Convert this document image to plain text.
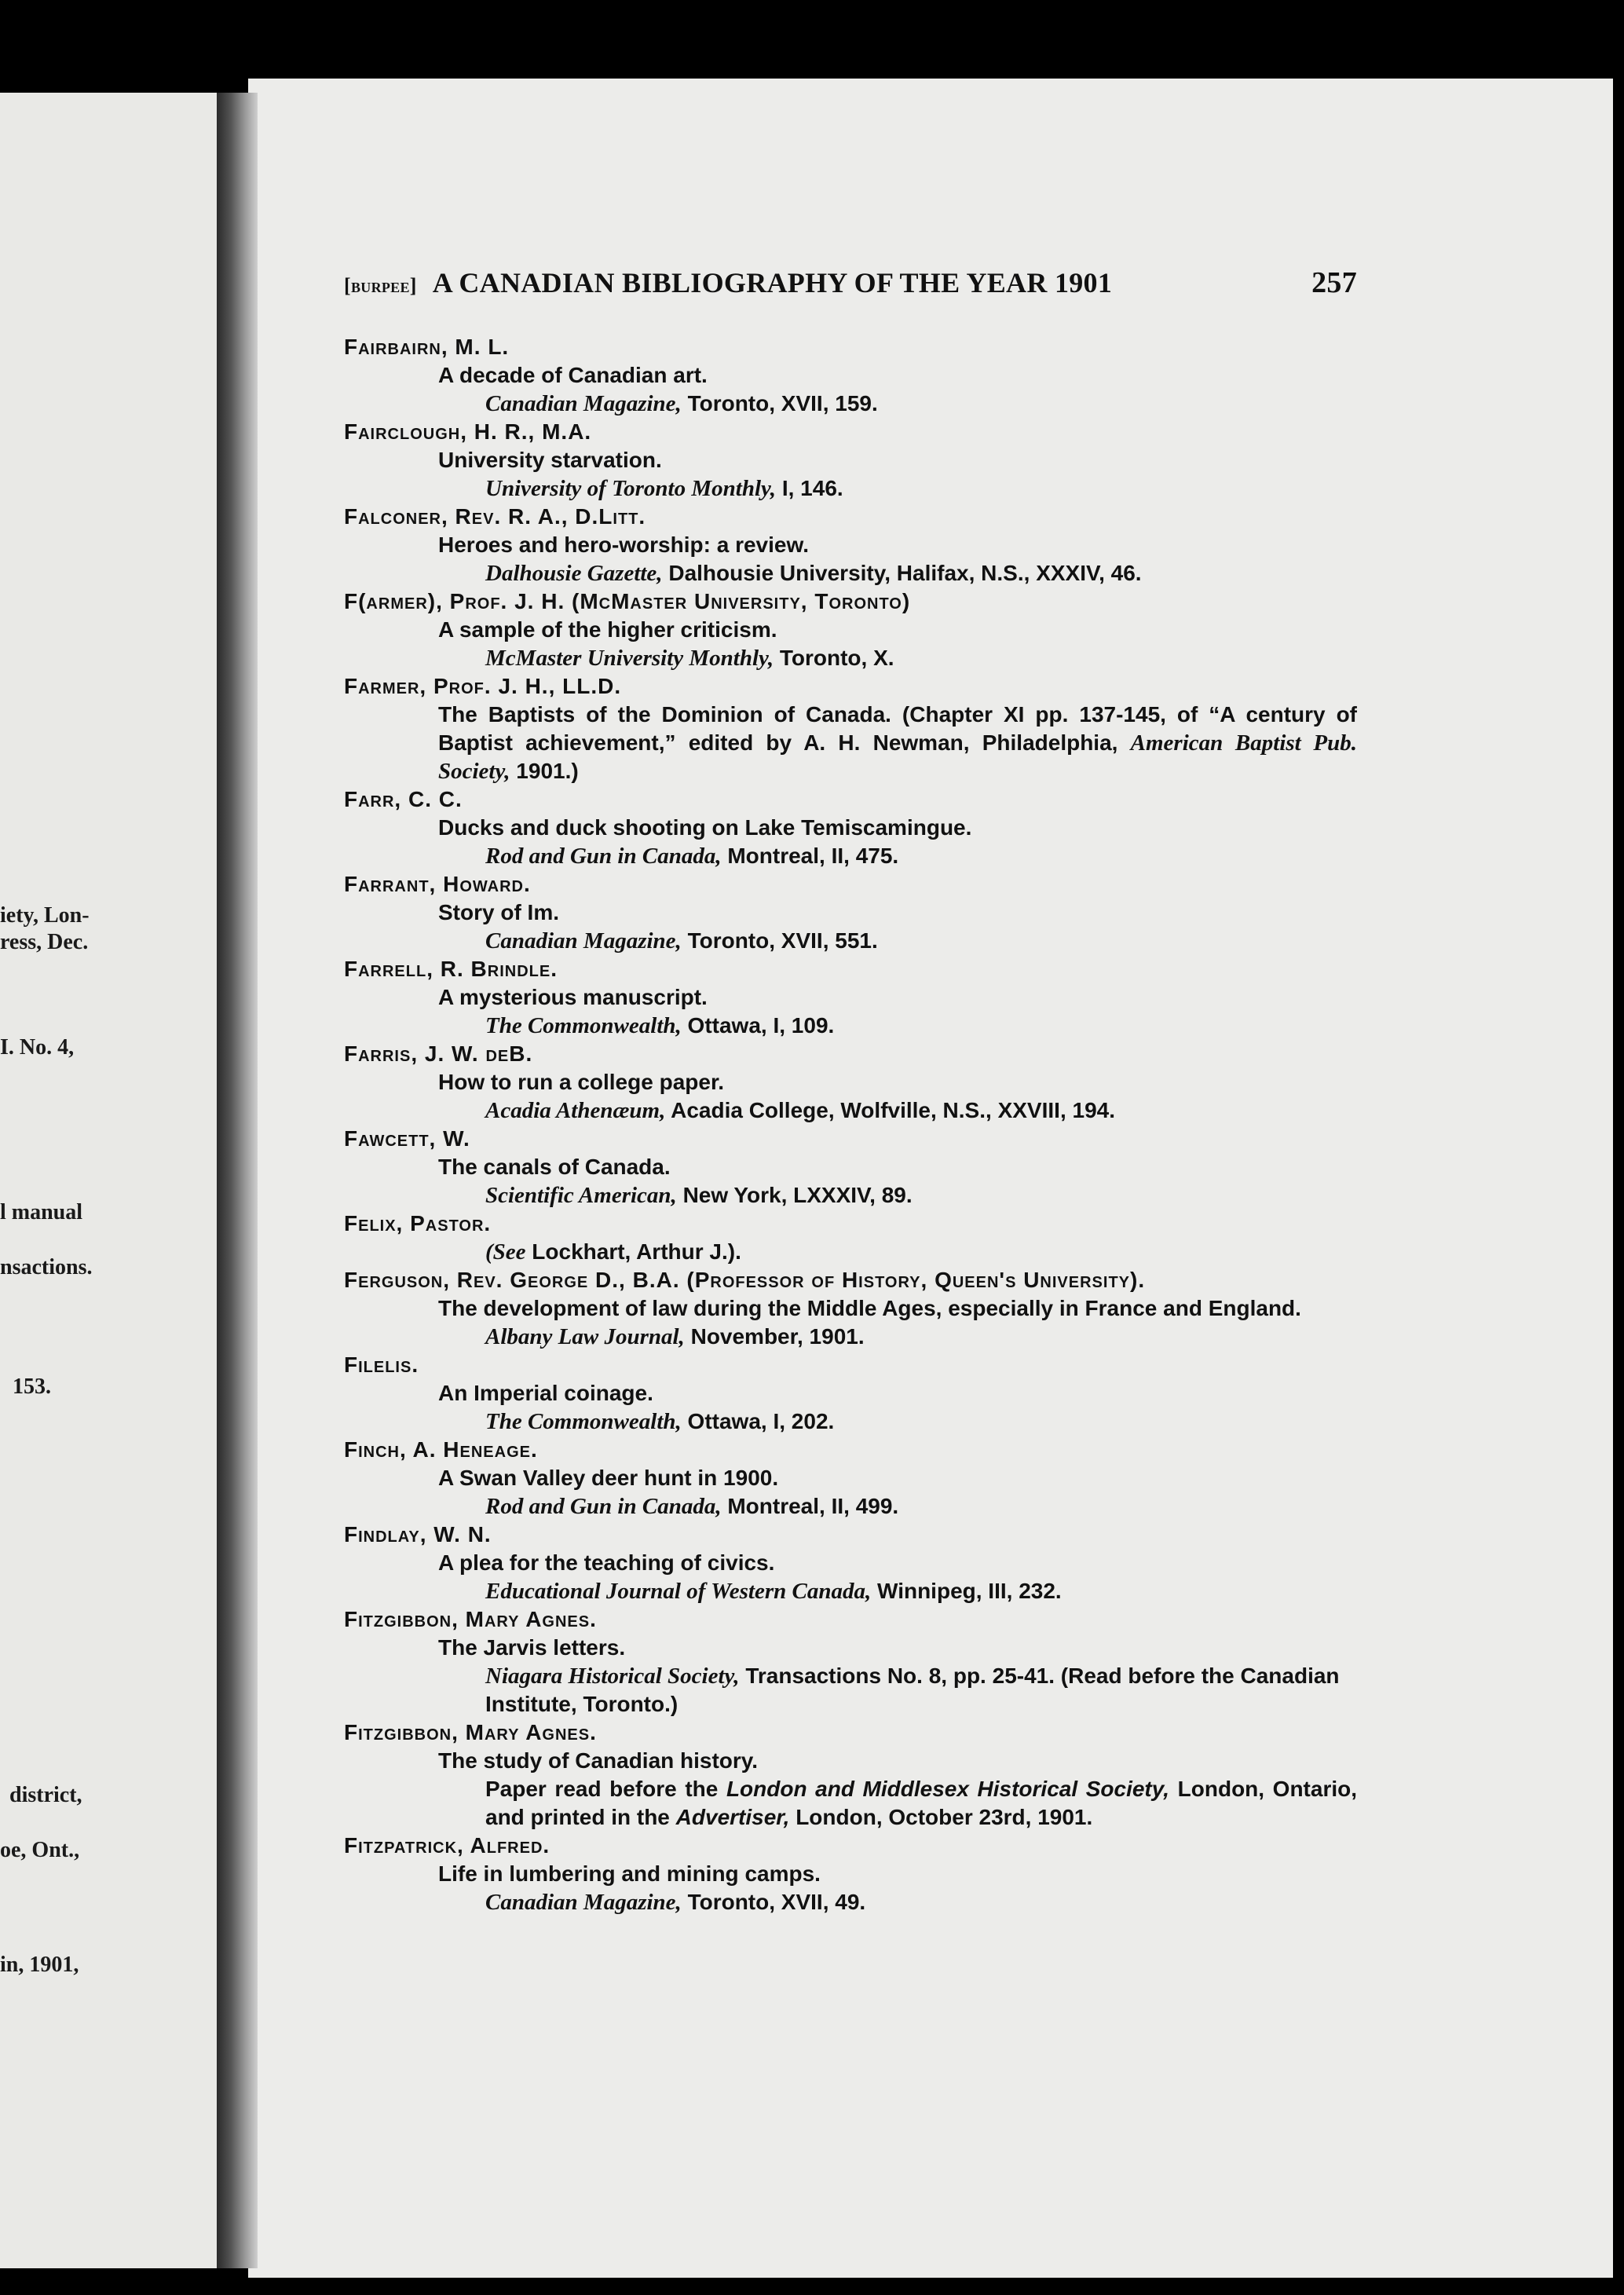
iety, Lon-
ress, Dec.
I. No. 4,
l manual
nsactions.
153.
district,
oe, Ont.,
in, 1901,
[burpee] A CANADIAN BIBLIOGRAPHY OF THE YEAR 1901	257
Fairbairn, M. L.
A decade of Canadian art.
Canadian Magazine, Toronto, XVII, 159.
Fairclough, H. R., M.A.
University starvation.
University of Toronto Monthly, I, 146.
Falconer, Rev. R. A., D.Litt.
Heroes and hero-worship: a review.
Dalhousie Gazette, Dalhousie University, Halifax, N.S., XXXIV, 46.
F(armer), Prof. J. H. (McMaster University, Toronto)
A sample of the higher criticism.
McMaster University Monthly, Toronto, X.
Farmer, Prof. J. H., LL.D.
The Baptists of the Dominion of Canada. (Chapter XI pp. 137-145, of “A century of Baptist achievement,” edited by A. H. Newman, Philadelphia, American Baptist Pub. Society, 1901.)
Farr, C. C.
Ducks and duck shooting on Lake Temiscamingue.
Rod and Gun in Canada, Montreal, II, 475.
Farrant, Howard.
Story of Im.
Canadian Magazine, Toronto, XVII, 551.
Farrell, R. Brindle.
A mysterious manuscript.
The Commonwealth, Ottawa, I, 109.
Farris, J. W. deB.
How to run a college paper.
Acadia Athenæum, Acadia College, Wolfville, N.S., XXVIII, 194.
Fawcett, W.
The canals of Canada.
Scientific American, New York, LXXXIV, 89.
Felix, Pastor.
(See Lockhart, Arthur J.).
Ferguson, Rev. George D., B.A. (Professor of History, Queen's University).
The development of law during the Middle Ages, especially in France and England.
Albany Law Journal, November, 1901.
Filelis.
An Imperial coinage.
The Commonwealth, Ottawa, I, 202.
Finch, A. Heneage.
A Swan Valley deer hunt in 1900.
Rod and Gun in Canada, Montreal, II, 499.
Findlay, W. N.
A plea for the teaching of civics.
Educational Journal of Western Canada, Winnipeg, III, 232.
Fitzgibbon, Mary Agnes.
The Jarvis letters.
Niagara Historical Society, Transactions No. 8, pp. 25-41. (Read before the Canadian Institute, Toronto.)
Fitzgibbon, Mary Agnes.
The study of Canadian history.
Paper read before the London and Middlesex Historical Society, London, Ontario, and printed in the Advertiser, London, October 23rd, 1901.
Fitzpatrick, Alfred.
Life in lumbering and mining camps.
Canadian Magazine, Toronto, XVII, 49.
